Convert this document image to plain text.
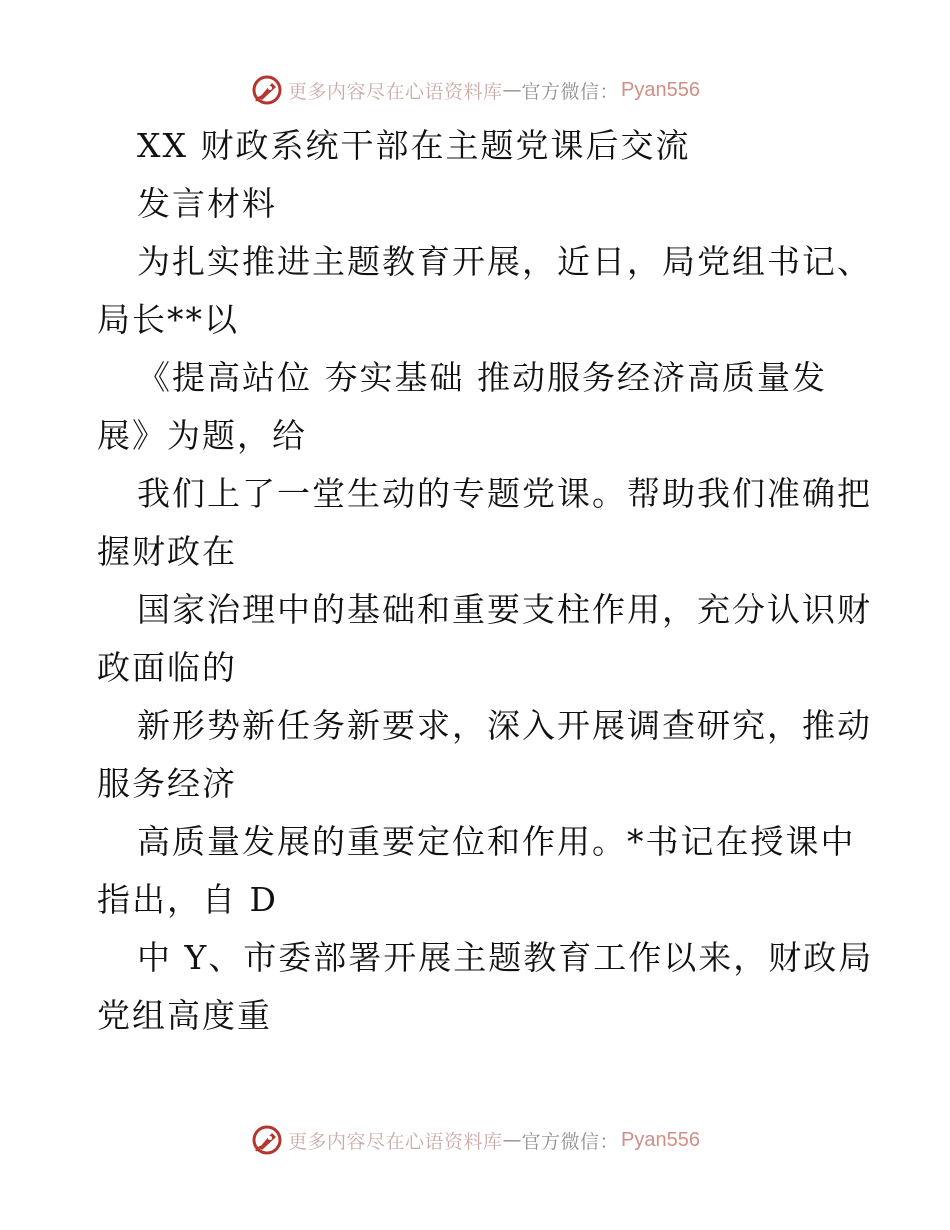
更多内容尽在心语资料库 — 官方微信： Pyan556
XX 财政系统干部在主题党课后交流
发言材料
为扎实推进主题教育开展，近日，局党组书记、
局长**以
《提高站位 夯实基础 推动服务经济高质量发
展》为题，给
我们上了一堂生动的专题党课。帮助我们准确把
握财政在
国家治理中的基础和重要支柱作用，充分认识财
政面临的
新形势新任务新要求，深入开展调查研究，推动
服务经济
高质量发展的重要定位和作用。*书记在授课中
指出，自 D
中 Y、市委部署开展主题教育工作以来，财政局
党组高度重
更多内容尽在心语资料库 — 官方微信： Pyan556
